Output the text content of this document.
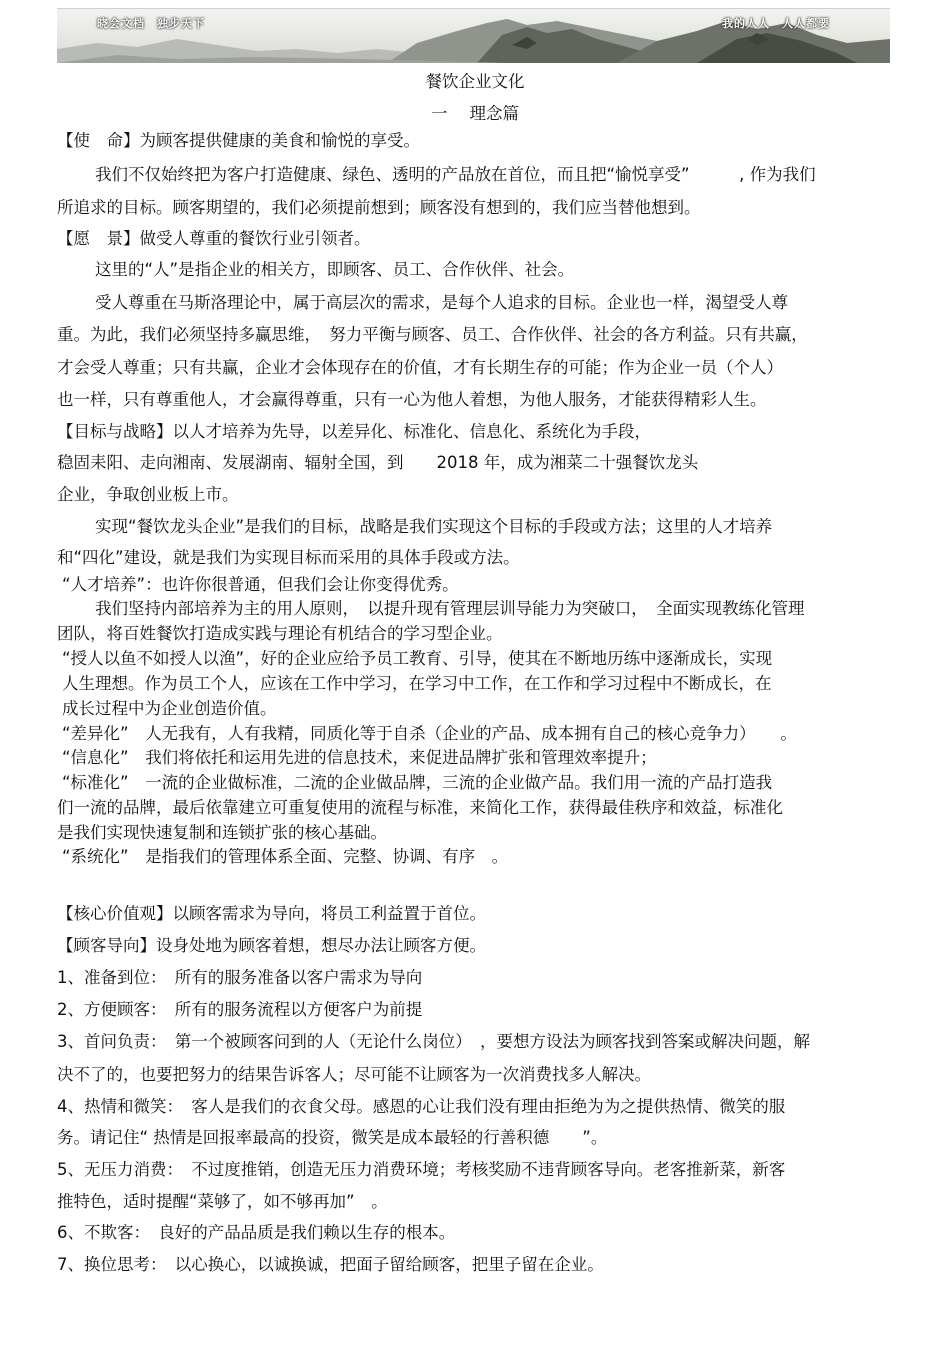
晓会文档 独步天下	我的人人 人人都要
餐饮企业文化
一 理念篇
【使　命】为顾客提供健康的美食和愉悦的享受。
我们不仅始终把为客户打造健康、绿色、透明的产品放在首位，而且把“愉悦享受”　　　, 作为我们
所追求的目标。顾客期望的，我们必须提前想到；顾客没有想到的，我们应当替他想到。
【愿　景】做受人尊重的餐饮行业引领者。
这里的“人”是指企业的相关方，即顾客、员工、合作伙伴、社会。
受人尊重在马斯洛理论中，属于高层次的需求，是每个人追求的目标。企业也一样，渴望受人尊
重。为此，我们必须坚持多赢思维，　努力平衡与顾客、员工、合作伙伴、社会的各方利益。只有共赢，
才会受人尊重；只有共赢，企业才会体现存在的价值，才有长期生存的可能；作为企业一员（个人）
也一样，只有尊重他人，才会赢得尊重，只有一心为他人着想，为他人服务，才能获得精彩人生。
【目标与战略】以人才培养为先导，以差异化、标准化、信息化、系统化为手段，
稳固耒阳、走向湘南、发展湖南、辐射全国，到　　2018 年，成为湘菜二十强餐饮龙头
企业，争取创业板上市。
实现“餐饮龙头企业”是我们的目标，战略是我们实现这个目标的手段或方法；这里的人才培养
和“四化”建设，就是我们为实现目标而采用的具体手段或方法。
“人才培养”：也许你很普通，但我们会让你变得优秀。
我们坚持内部培养为主的用人原则，　以提升现有管理层训导能力为突破口，　全面实现教练化管理
团队，将百姓餐饮打造成实践与理论有机结合的学习型企业。
“授人以鱼不如授人以渔”，好的企业应给予员工教育、引导，使其在不断地历练中逐渐成长，实现
人生理想。作为员工个人，应该在工作中学习，在学习中工作，在工作和学习过程中不断成长，在
成长过程中为企业创造价值。
“差异化”　人无我有，人有我精，同质化等于自杀（企业的产品、成本拥有自己的核心竞争力）　　。
“信息化”　我们将依托和运用先进的信息技术，来促进品牌扩张和管理效率提升；
“标准化”　一流的企业做标准，二流的企业做品牌，三流的企业做产品。我们用一流的产品打造我
们一流的品牌，最后依靠建立可重复使用的流程与标准，来简化工作，获得最佳秩序和效益，标准化
是我们实现快速复制和连锁扩张的核心基础。
“系统化”　是指我们的管理体系全面、完整、协调、有序　。
【核心价值观】以顾客需求为导向，将员工利益置于首位。
【顾客导向】设身处地为顾客着想，想尽办法让顾客方便。
1、准备到位：　所有的服务准备以客户需求为导向
2、方便顾客：　所有的服务流程以方便客户为前提
3、首问负责：　第一个被顾客问到的人（无论什么岗位）　，要想方设法为顾客找到答案或解决问题，解
决不了的，也要把努力的结果告诉客人；尽可能不让顾客为一次消费找多人解决。
4、热情和微笑：　客人是我们的衣食父母。感恩的心让我们没有理由拒绝为为之提供热情、微笑的服
务。请记住“ 热情是回报率最高的投资，微笑是成本最轻的行善积德　　”。
5、无压力消费：　不过度推销，创造无压力消费环境；考核奖励不违背顾客导向。老客推新菜，新客
推特色，适时提醒“菜够了，如不够再加”　。
6、不欺客：　良好的产品品质是我们赖以生存的根本。
7、换位思考：　以心换心，以诚换诚，把面子留给顾客，把里子留在企业。
